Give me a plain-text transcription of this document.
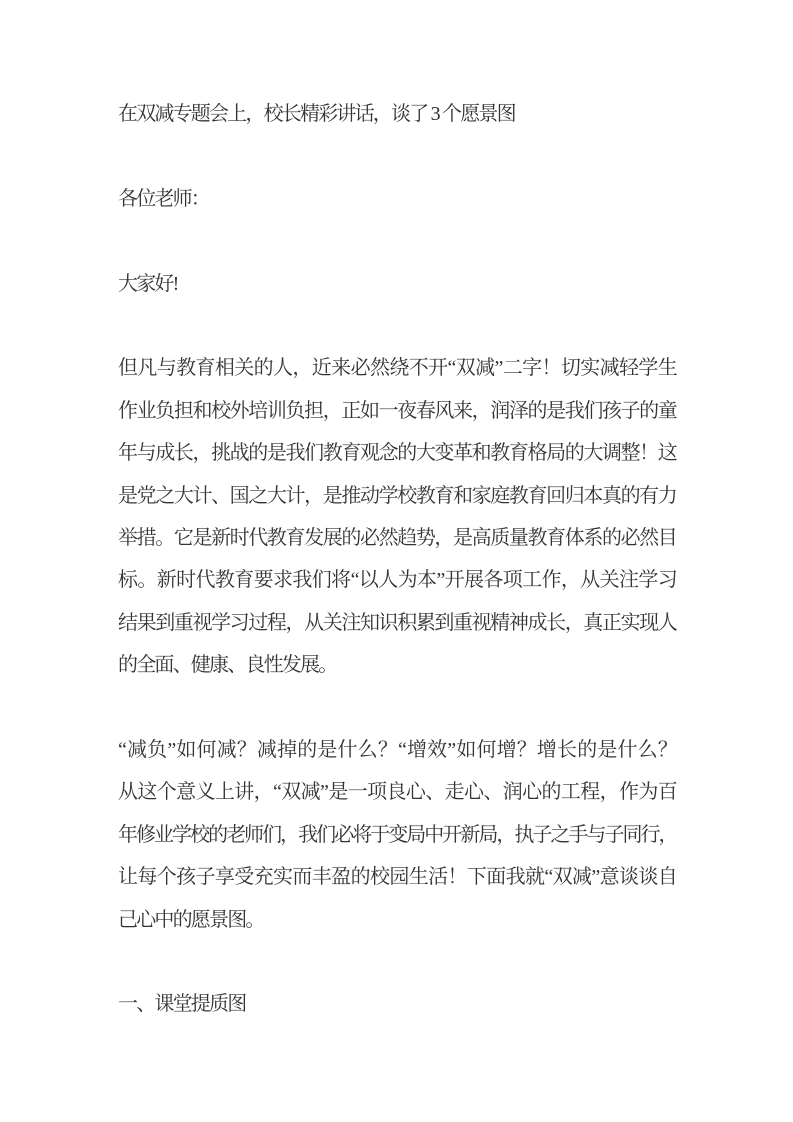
在双减专题会上，校长精彩讲话，谈了 3 个愿景图
各位老师：
大家好!
但凡与教育相关的人，近来必然绕不开“双减”二字！切实减轻学生
作业负担和校外培训负担，正如一夜春风来，润泽的是我们孩子的童
年与成长，挑战的是我们教育观念的大变革和教育格局的大调整！这
是党之大计、国之大计，是推动学校教育和家庭教育回归本真的有力
举措。它是新时代教育发展的必然趋势，是高质量教育体系的必然目
标。新时代教育要求我们将“以人为本”开展各项工作，从关注学习
结果到重视学习过程，从关注知识积累到重视精神成长，真正实现人
的全面、健康、良性发展。
“减负”如何减？减掉的是什么？“增效”如何增？增长的是什么？
从这个意义上讲，“双减”是一项良心、走心、润心的工程，作为百
年修业学校的老师们，我们必将于变局中开新局，执子之手与子同行，
让每个孩子享受充实而丰盈的校园生活！下面我就“双减”意谈谈自
己心中的愿景图。
一、课堂提质图
